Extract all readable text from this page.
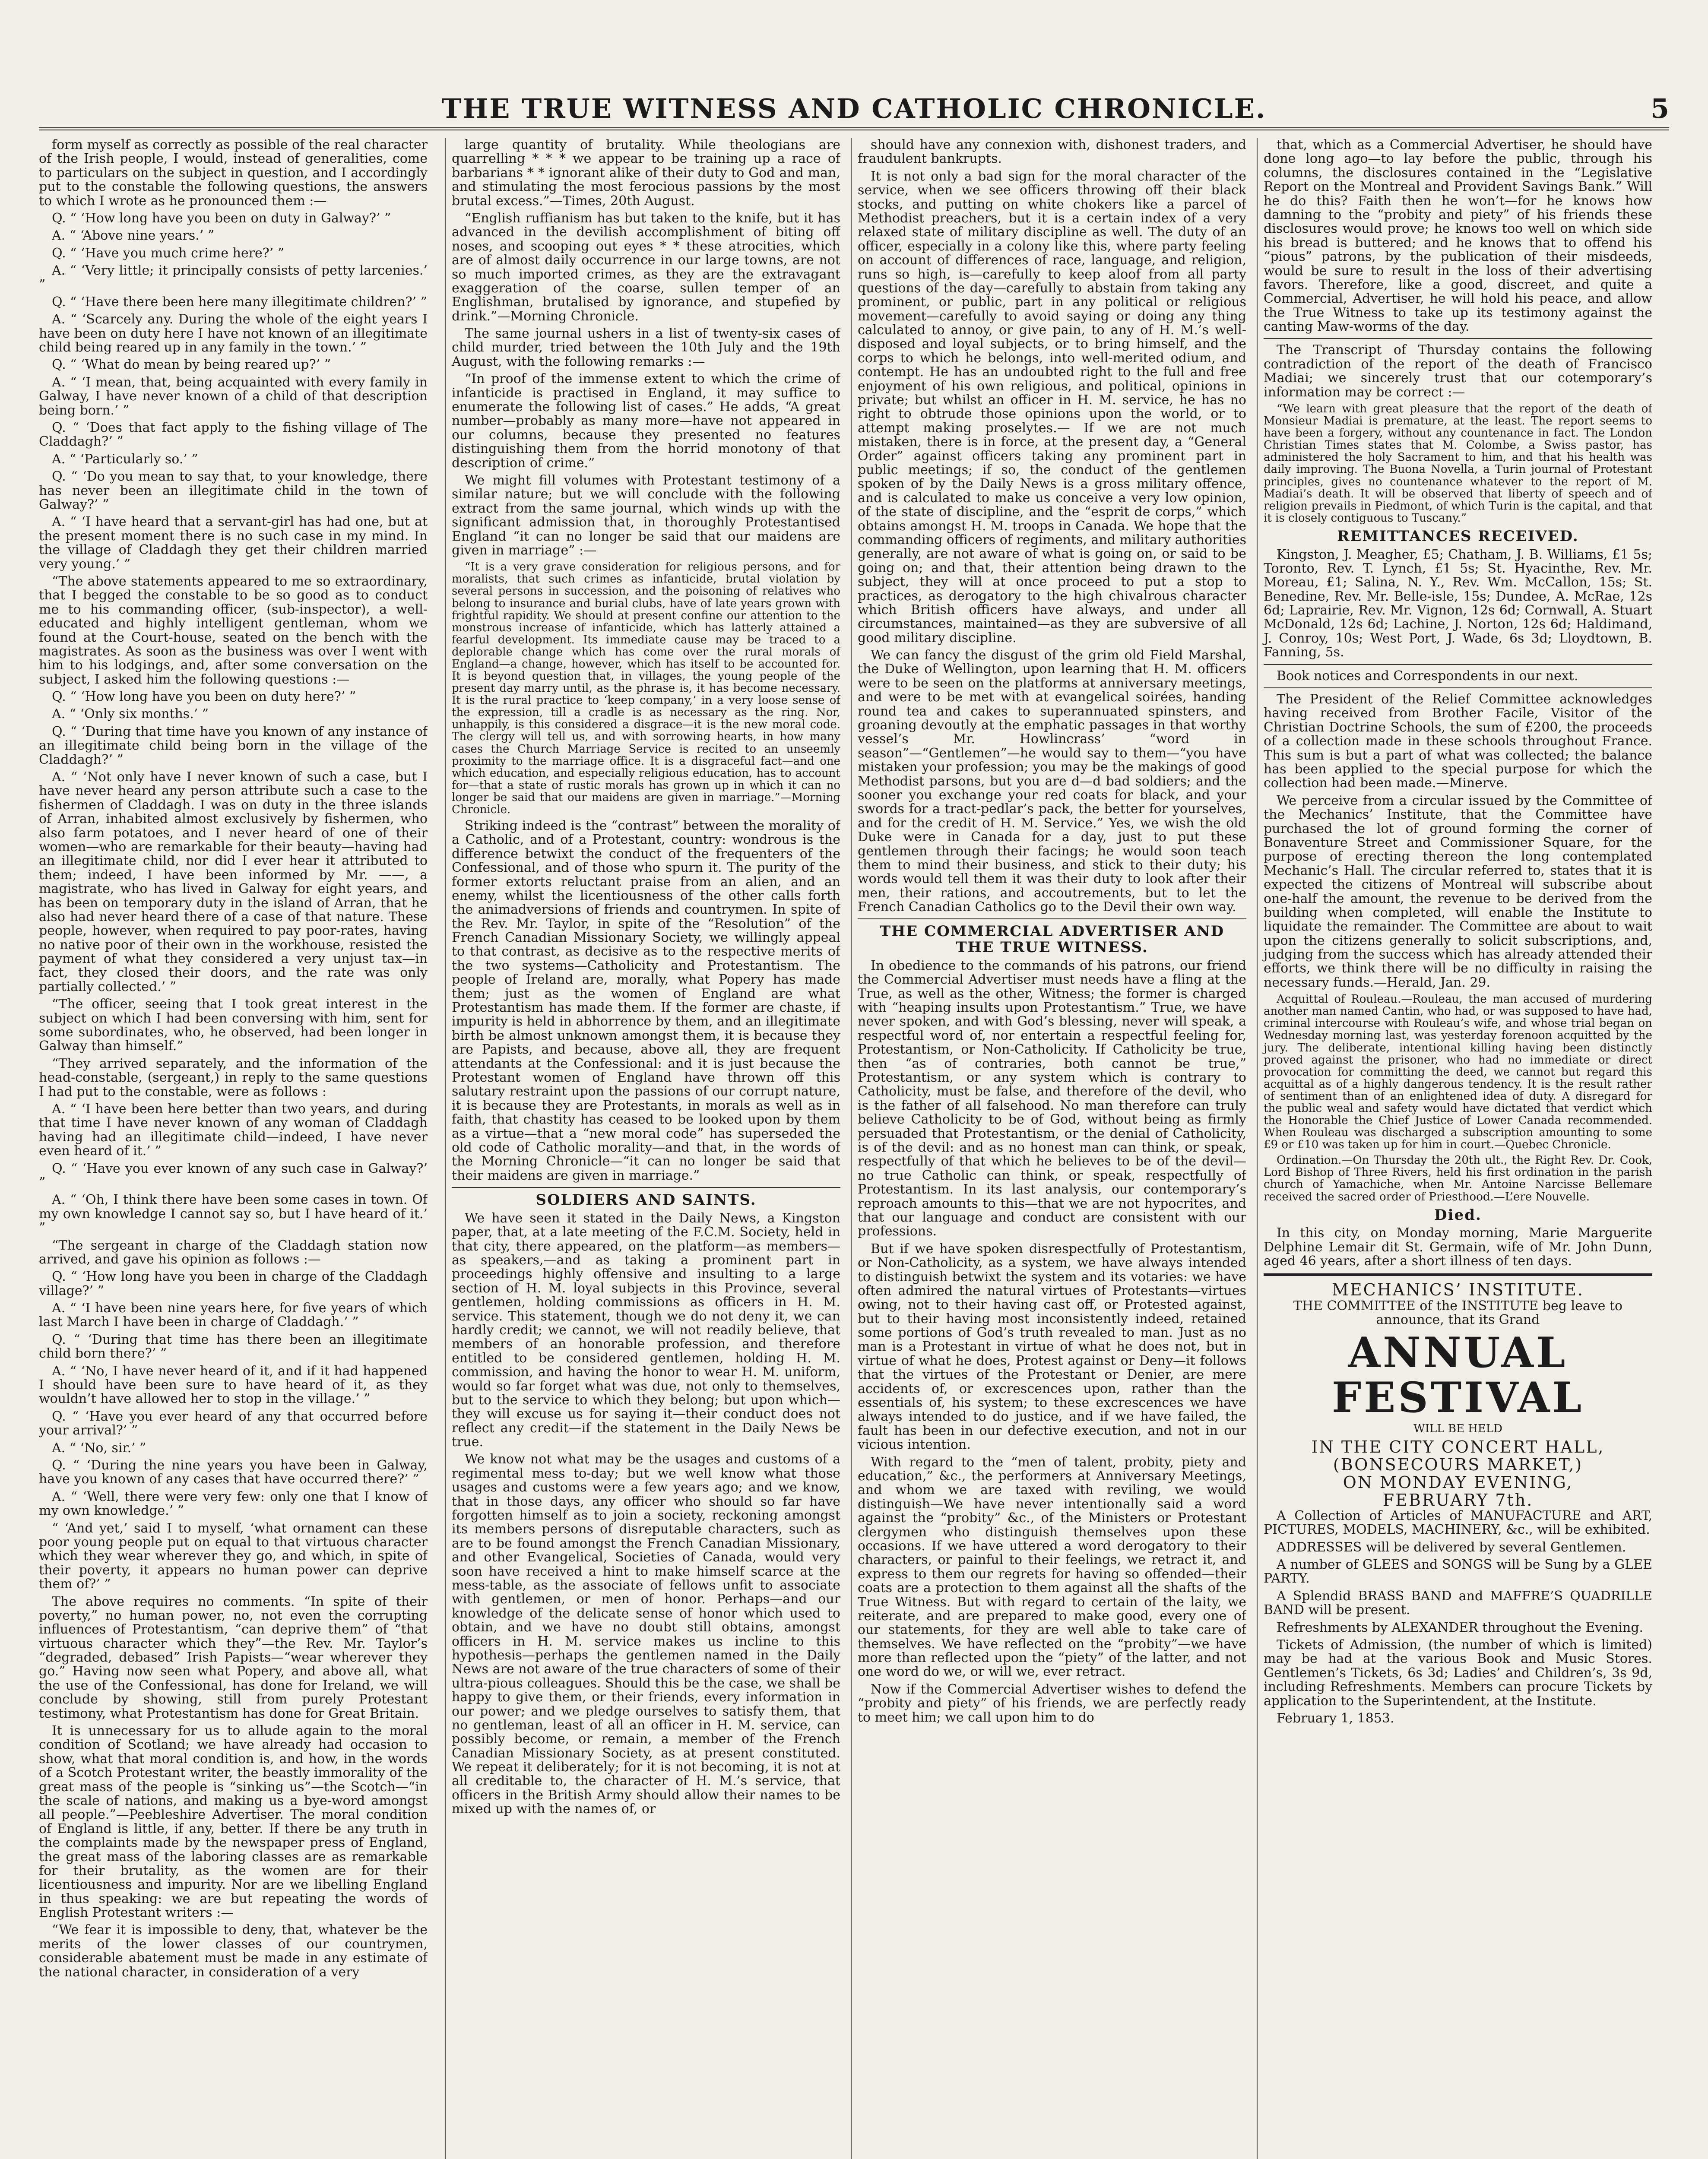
THE TRUE WITNESS AND CATHOLIC CHRONICLE.	5

form myself as correctly as possible of the real character of the Irish people, I would, instead of generalities, come to particulars on the subject in question, and I accordingly put to the constable the following questions, the answers to which I wrote as he pronounced them :—

Q. “ ‘How long have you been on duty in Galway?’ ”

A. “ ‘Above nine years.’ ”

Q. “ ‘Have you much crime here?’ ”

A. “ ‘Very little; it principally consists of petty larcenies.’ ”

Q. “ ‘Have there been here many illegitimate children?’ ”

A. “ ‘Scarcely any. During the whole of the eight years I have been on duty here I have not known of an illegitimate child being reared up in any family in the town.’ ”

Q. “ ‘What do mean by being reared up?’ ”

A. “ ‘I mean, that, being acquainted with every family in Galway, I have never known of a child of that description being born.’ ”

Q. “ ‘Does that fact apply to the fishing village of The Claddagh?’ ”

A. “ ‘Particularly so.’ ”

Q. “ ‘Do you mean to say that, to your knowledge, there has never been an illegitimate child in the town of Galway?’ ”

A. “ ‘I have heard that a servant-girl has had one, but at the present moment there is no such case in my mind. In the village of Claddagh they get their children married very young.’ ”

“The above statements appeared to me so extraordinary, that I begged the constable to be so good as to conduct me to his commanding officer, (sub-inspector), a well-educated and highly intelligent gentleman, whom we found at the Court-house, seated on the bench with the magistrates. As soon as the business was over I went with him to his lodgings, and, after some conversation on the subject, I asked him the following questions :—

Q. “ ‘How long have you been on duty here?’ ”

A. “ ‘Only six months.’ ”

Q. “ ‘During that time have you known of any instance of an illegitimate child being born in the village of the Claddagh?’ ”

A. “ ‘Not only have I never known of such a case, but I have never heard any person attribute such a case to the fishermen of Claddagh. I was on duty in the three islands of Arran, inhabited almost exclusively by fishermen, who also farm potatoes, and I never heard of one of their women—who are remarkable for their beauty—having had an illegitimate child, nor did I ever hear it attributed to them; indeed, I have been informed by Mr. ——, a magistrate, who has lived in Galway for eight years, and has been on temporary duty in the island of Arran, that he also had never heard there of a case of that nature. These people, however, when required to pay poor-rates, having no native poor of their own in the workhouse, resisted the payment of what they considered a very unjust tax—in fact, they closed their doors, and the rate was only partially collected.’ ”

“The officer, seeing that I took great interest in the subject on which I had been conversing with him, sent for some subordinates, who, he observed, had been longer in Galway than himself.”

“They arrived separately, and the information of the head-constable, (sergeant,) in reply to the same questions I had put to the constable, were as follows :

A. “ ‘I have been here better than two years, and during that time I have never known of any woman of Claddagh having had an illegitimate child—indeed, I have never even heard of it.’ ”

Q. “ ‘Have you ever known of any such case in Galway?’ ”

A. “ ‘Oh, I think there have been some cases in town. Of my own knowledge I cannot say so, but I have heard of it.’ ”

“The sergeant in charge of the Claddagh station now arrived, and gave his opinion as follows :—

Q. “ ‘How long have you been in charge of the Claddagh village?’ ”

A. “ ‘I have been nine years here, for five years of which last March I have been in charge of Claddagh.’ ”

Q. “ ‘During that time has there been an illegitimate child born there?’ ”

A. “ ‘No, I have never heard of it, and if it had happened I should have been sure to have heard of it, as they wouldn’t have allowed her to stop in the village.’ ”

Q. “ ‘Have you ever heard of any that occurred before your arrival?’ ”

A. “ ‘No, sir.’ ”

Q. “ ‘During the nine years you have been in Galway, have you known of any cases that have occurred there?’ ”

A. “ ‘Well, there were very few: only one that I know of my own knowledge.’ ”

“ ‘And yet,’ said I to myself, ‘what ornament can these poor young people put on equal to that virtuous character which they wear wherever they go, and which, in spite of their poverty, it appears no human power can deprive them of?’ ”

The above requires no comments. “In spite of their poverty,” no human power, no, not even the corrupting influences of Protestantism, “can deprive them” of “that virtuous character which they”—the Rev. Mr. Taylor’s “degraded, debased” Irish Papists—“wear wherever they go.” Having now seen what Popery, and above all, what the use of the Confessional, has done for Ireland, we will conclude by showing, still from purely Protestant testimony, what Protestantism has done for Great Britain.

It is unnecessary for us to allude again to the moral condition of Scotland; we have already had occasion to show, what that moral condition is, and how, in the words of a Scotch Protestant writer, the beastly immorality of the great mass of the people is “sinking us”—the Scotch—“in the scale of nations, and making us a bye-word amongst all people.”—Peebleshire Advertiser. The moral condition of England is little, if any, better. If there be any truth in the complaints made by the newspaper press of England, the great mass of the laboring classes are as remarkable for their brutality, as the women are for their licentiousness and impurity. Nor are we libelling England in thus speaking: we are but repeating the words of English Protestant writers :—

“We fear it is impossible to deny, that, whatever be the merits of the lower classes of our countrymen, considerable abatement must be made in any estimate of the national character, in consideration of a very

large quantity of brutality. While theologians are quarrelling * * * we appear to be training up a race of barbarians * * ignorant alike of their duty to God and man, and stimulating the most ferocious passions by the most brutal excess.”—Times, 20th August.

“English ruffianism has but taken to the knife, but it has advanced in the devilish accomplishment of biting off noses, and scooping out eyes * * these atrocities, which are of almost daily occurrence in our large towns, are not so much imported crimes, as they are the extravagant exaggeration of the coarse, sullen temper of an Englishman, brutalised by ignorance, and stupefied by drink.”—Morning Chronicle.

The same journal ushers in a list of twenty-six cases of child murder, tried between the 10th July and the 19th August, with the following remarks :—

“In proof of the immense extent to which the crime of infanticide is practised in England, it may suffice to enumerate the following list of cases.” He adds, “A great number—probably as many more—have not appeared in our columns, because they presented no features distinguishing them from the horrid monotony of that description of crime.”

We might fill volumes with Protestant testimony of a similar nature; but we will conclude with the following extract from the same journal, which winds up with the significant admission that, in thoroughly Protestantised England “it can no longer be said that our maidens are given in marriage” :—

“It is a very grave consideration for religious persons, and for moralists, that such crimes as infanticide, brutal violation by several persons in succession, and the poisoning of relatives who belong to insurance and burial clubs, have of late years grown with frightful rapidity. We should at present confine our attention to the monstrous increase of infanticide, which has latterly attained a fearful development. Its immediate cause may be traced to a deplorable change which has come over the rural morals of England—a change, however, which has itself to be accounted for. It is beyond question that, in villages, the young people of the present day marry until, as the phrase is, it has become necessary. It is the rural practice to ‘keep company,’ in a very loose sense of the expression, till a cradle is as necessary as the ring. Nor, unhappily, is this considered a disgrace—it is the new moral code. The clergy will tell us, and with sorrowing hearts, in how many cases the Church Marriage Service is recited to an unseemly proximity to the marriage office. It is a disgraceful fact—and one which education, and especially religious education, has to account for—that a state of rustic morals has grown up in which it can no longer be said that our maidens are given in marriage.”—Morning Chronicle.

Striking indeed is the “contrast” between the morality of a Catholic, and of a Protestant, country: wondrous is the difference betwixt the conduct of the frequenters of the Confessional, and of those who spurn it. The purity of the former extorts reluctant praise from an alien, and an enemy, whilst the licentiousness of the other calls forth the animadversions of friends and countrymen. In spite of the Rev. Mr. Taylor, in spite of the “Resolution” of the French Canadian Missionary Society, we willingly appeal to that contrast, as decisive as to the respective merits of the two systems—Catholicity and Protestantism. The people of Ireland are, morally, what Popery has made them; just as the women of England are what Protestantism has made them. If the former are chaste, if impurity is held in abhorrence by them, and an illegitimate birth be almost unknown amongst them, it is because they are Papists, and because, above all, they are frequent attendants at the Confessional: and it is just because the Protestant women of England have thrown off this salutary restraint upon the passions of our corrupt nature, it is because they are Protestants, in morals as well as in faith, that chastity has ceased to be looked upon by them as a virtue—that a “new moral code” has superseded the old code of Catholic morality—and that, in the words of the Morning Chronicle—“it can no longer be said that their maidens are given in marriage.”

SOLDIERS AND SAINTS.

We have seen it stated in the Daily News, a Kingston paper, that, at a late meeting of the F.C.M. Society, held in that city, there appeared, on the platform—as members—as speakers,—and as taking a prominent part in proceedings highly offensive and insulting to a large section of H. M. loyal subjects in this Province, several gentlemen, holding commissions as officers in H. M. service. This statement, though we do not deny it, we can hardly credit; we cannot, we will not readily believe, that members of an honorable profession, and therefore entitled to be considered gentlemen, holding H. M. commission, and having the honor to wear H. M. uniform, would so far forget what was due, not only to themselves, but to the service to which they belong; but upon which—they will excuse us for saying it—their conduct does not reflect any credit—if the statement in the Daily News be true.

We know not what may be the usages and customs of a regimental mess to-day; but we well know what those usages and customs were a few years ago; and we know, that in those days, any officer who should so far have forgotten himself as to join a society, reckoning amongst its members persons of disreputable characters, such as are to be found amongst the French Canadian Missionary, and other Evangelical, Societies of Canada, would very soon have received a hint to make himself scarce at the mess-table, as the associate of fellows unfit to associate with gentlemen, or men of honor. Perhaps—and our knowledge of the delicate sense of honor which used to obtain, and we have no doubt still obtains, amongst officers in H. M. service makes us incline to this hypothesis—perhaps the gentlemen named in the Daily News are not aware of the true characters of some of their ultra-pious colleagues. Should this be the case, we shall be happy to give them, or their friends, every information in our power; and we pledge ourselves to satisfy them, that no gentleman, least of all an officer in H. M. service, can possibly become, or remain, a member of the French Canadian Missionary Society, as at present constituted. We repeat it deliberately; for it is not becoming, it is not at all creditable to, the character of H. M.’s service, that officers in the British Army should allow their names to be mixed up with the names of, or

should have any connexion with, dishonest traders, and fraudulent bankrupts.

It is not only a bad sign for the moral character of the service, when we see officers throwing off their black stocks, and putting on white chokers like a parcel of Methodist preachers, but it is a certain index of a very relaxed state of military discipline as well. The duty of an officer, especially in a colony like this, where party feeling on account of differences of race, language, and religion, runs so high, is—carefully to keep aloof from all party questions of the day—carefully to abstain from taking any prominent, or public, part in any political or religious movement—carefully to avoid saying or doing any thing calculated to annoy, or give pain, to any of H. M.’s well-disposed and loyal subjects, or to bring himself, and the corps to which he belongs, into well-merited odium, and contempt. He has an undoubted right to the full and free enjoyment of his own religious, and political, opinions in private; but whilst an officer in H. M. service, he has no right to obtrude those opinions upon the world, or to attempt making proselytes.— If we are not much mistaken, there is in force, at the present day, a “General Order” against officers taking any prominent part in public meetings; if so, the conduct of the gentlemen spoken of by the Daily News is a gross military offence, and is calculated to make us conceive a very low opinion, of the state of discipline, and the “esprit de corps,” which obtains amongst H. M. troops in Canada. We hope that the commanding officers of regiments, and military authorities generally, are not aware of what is going on, or said to be going on; and that, their attention being drawn to the subject, they will at once proceed to put a stop to practices, as derogatory to the high chivalrous character which British officers have always, and under all circumstances, maintained—as they are subversive of all good military discipline.

We can fancy the disgust of the grim old Field Marshal, the Duke of Wellington, upon learning that H. M. officers were to be seen on the platforms at anniversary meetings, and were to be met with at evangelical soirées, handing round tea and cakes to superannuated spinsters, and groaning devoutly at the emphatic passages in that worthy vessel’s Mr. Howlincrass’ “word in season”—“Gentlemen”—he would say to them—“you have mistaken your profession; you may be the makings of good Methodist parsons, but you are d—d bad soldiers; and the sooner you exchange your red coats for black, and your swords for a tract-pedlar’s pack, the better for yourselves, and for the credit of H. M. Service.” Yes, we wish the old Duke were in Canada for a day, just to put these gentlemen through their facings; he would soon teach them to mind their business, and stick to their duty; his words would tell them it was their duty to look after their men, their rations, and accoutrements, but to let the French Canadian Catholics go to the Devil their own way.

THE COMMERCIAL ADVERTISER AND THE TRUE WITNESS.

In obedience to the commands of his patrons, our friend the Commercial Advertiser must needs have a fling at the True, as well as the other, Witness; the former is charged with “heaping insults upon Protestantism.” True, we have never spoken, and with God’s blessing, never will speak, a respectful word of, nor entertain a respectful feeling for, Protestantism, or Non-Catholicity. If Catholicity be true, then “as of contraries, both cannot be true,” Protestantism, or any system which is contrary to Catholicity, must be false, and therefore of the devil, who is the father of all falsehood. No man therefore can truly believe Catholicity to be of God, without being as firmly persuaded that Protestantism, or the denial of Catholicity, is of the devil: and as no honest man can think, or speak, respectfully of that which he believes to be of the devil—no true Catholic can think, or speak, respectfully of Protestantism. In its last analysis, our contemporary’s reproach amounts to this—that we are not hypocrites, and that our language and conduct are consistent with our professions.

But if we have spoken disrespectfully of Protestantism, or Non-Catholicity, as a system, we have always intended to distinguish betwixt the system and its votaries: we have often admired the natural virtues of Protestants—virtues owing, not to their having cast off, or Protested against, but to their having most inconsistently indeed, retained some portions of God’s truth revealed to man. Just as no man is a Protestant in virtue of what he does not, but in virtue of what he does, Protest against or Deny—it follows that the virtues of the Protestant or Denier, are mere accidents of, or excrescences upon, rather than the essentials of, his system; to these excrescences we have always intended to do justice, and if we have failed, the fault has been in our defective execution, and not in our vicious intention.

With regard to the “men of talent, probity, piety and education,” &c., the performers at Anniversary Meetings, and whom we are taxed with reviling, we would distinguish—We have never intentionally said a word against the “probity” &c., of the Ministers or Protestant clergymen who distinguish themselves upon these occasions. If we have uttered a word derogatory to their characters, or painful to their feelings, we retract it, and express to them our regrets for having so offended—their coats are a protection to them against all the shafts of the True Witness. But with regard to certain of the laity, we reiterate, and are prepared to make good, every one of our statements, for they are well able to take care of themselves. We have reflected on the “probity”—we have more than reflected upon the “piety” of the latter, and not one word do we, or will we, ever retract.

Now if the Commercial Advertiser wishes to defend the “probity and piety” of his friends, we are perfectly ready to meet him; we call upon him to do

that, which as a Commercial Advertiser, he should have done long ago—to lay before the public, through his columns, the disclosures contained in the “Legislative Report on the Montreal and Provident Savings Bank.” Will he do this? Faith then he won’t—for he knows how damning to the “probity and piety” of his friends these disclosures would prove; he knows too well on which side his bread is buttered; and he knows that to offend his “pious” patrons, by the publication of their misdeeds, would be sure to result in the loss of their advertising favors. Therefore, like a good, discreet, and quite a Commercial, Advertiser, he will hold his peace, and allow the True Witness to take up its testimony against the canting Maw-worms of the day.

The Transcript of Thursday contains the following contradiction of the report of the death of Francisco Madiai; we sincerely trust that our cotemporary’s information may be correct :—

“We learn with great pleasure that the report of the death of Monsieur Madiai is premature, at the least. The report seems to have been a forgery, without any countenance in fact. The London Christian Times states that M. Colombe, a Swiss pastor, has administered the holy Sacrament to him, and that his health was daily improving. The Buona Novella, a Turin journal of Protestant principles, gives no countenance whatever to the report of M. Madiai’s death. It will be observed that liberty of speech and of religion prevails in Piedmont, of which Turin is the capital, and that it is closely contiguous to Tuscany.”

REMITTANCES RECEIVED.

Kingston, J. Meagher, £5; Chatham, J. B. Williams, £1 5s; Toronto, Rev. T. Lynch, £1 5s; St. Hyacinthe, Rev. Mr. Moreau, £1; Salina, N. Y., Rev. Wm. McCallon, 15s; St. Benedine, Rev. Mr. Belle-isle, 15s; Dundee, A. McRae, 12s 6d; Laprairie, Rev. Mr. Vignon, 12s 6d; Cornwall, A. Stuart McDonald, 12s 6d; Lachine, J. Norton, 12s 6d; Haldimand, J. Conroy, 10s; West Port, J. Wade, 6s 3d; Lloydtown, B. Fanning, 5s.

Book notices and Correspondents in our next.

The President of the Relief Committee acknowledges having received from Brother Facile, Visitor of the Christian Doctrine Schools, the sum of £200, the proceeds of a collection made in these schools throughout France. This sum is but a part of what was collected; the balance has been applied to the special purpose for which the collection had been made.—Minerve.

We perceive from a circular issued by the Committee of the Mechanics’ Institute, that the Committee have purchased the lot of ground forming the corner of Bonaventure Street and Commissioner Square, for the purpose of erecting thereon the long contemplated Mechanic’s Hall. The circular referred to, states that it is expected the citizens of Montreal will subscribe about one-half the amount, the revenue to be derived from the building when completed, will enable the Institute to liquidate the remainder. The Committee are about to wait upon the citizens generally to solicit subscriptions, and, judging from the success which has already attended their efforts, we think there will be no difficulty in raising the necessary funds.—Herald, Jan. 29.

Acquittal of Rouleau.—Rouleau, the man accused of murdering another man named Cantin, who had, or was supposed to have had, criminal intercourse with Rouleau’s wife, and whose trial began on Wednesday morning last, was yesterday forenoon acquitted by the jury. The deliberate, intentional killing having been distinctly proved against the prisoner, who had no immediate or direct provocation for committing the deed, we cannot but regard this acquittal as of a highly dangerous tendency. It is the result rather of sentiment than of an enlightened idea of duty. A disregard for the public weal and safety would have dictated that verdict which the Honorable the Chief Justice of Lower Canada recommended. When Rouleau was discharged a subscription amounting to some £9 or £10 was taken up for him in court.—Quebec Chronicle.

Ordination.—On Thursday the 20th ult., the Right Rev. Dr. Cook, Lord Bishop of Three Rivers, held his first ordination in the parish church of Yamachiche, when Mr. Antoine Narcisse Bellemare received the sacred order of Priesthood.—L’ere Nouvelle.

Died.

In this city, on Monday morning, Marie Marguerite Delphine Lemair dit St. Germain, wife of Mr. John Dunn, aged 46 years, after a short illness of ten days.

MECHANICS’ INSTITUTE.

THE COMMITTEE of the INSTITUTE beg leave to announce, that its Grand

ANNUAL FESTIVAL

WILL BE HELD

IN THE CITY CONCERT HALL,
(BONSECOURS MARKET,)
ON MONDAY EVENING,
FEBRUARY 7th.

A Collection of Articles of MANUFACTURE and ART, PICTURES, MODELS, MACHINERY, &c., will be exhibited.

ADDRESSES will be delivered by several Gentlemen.

A number of GLEES and SONGS will be Sung by a GLEE PARTY.

A Splendid BRASS BAND and MAFFRE’S QUADRILLE BAND will be present.

Refreshments by ALEXANDER throughout the Evening.

Tickets of Admission, (the number of which is limited) may be had at the various Book and Music Stores. Gentlemen’s Tickets, 6s 3d; Ladies’ and Children’s, 3s 9d, including Refreshments. Members can procure Tickets by application to the Superintendent, at the Institute.

February 1, 1853.
